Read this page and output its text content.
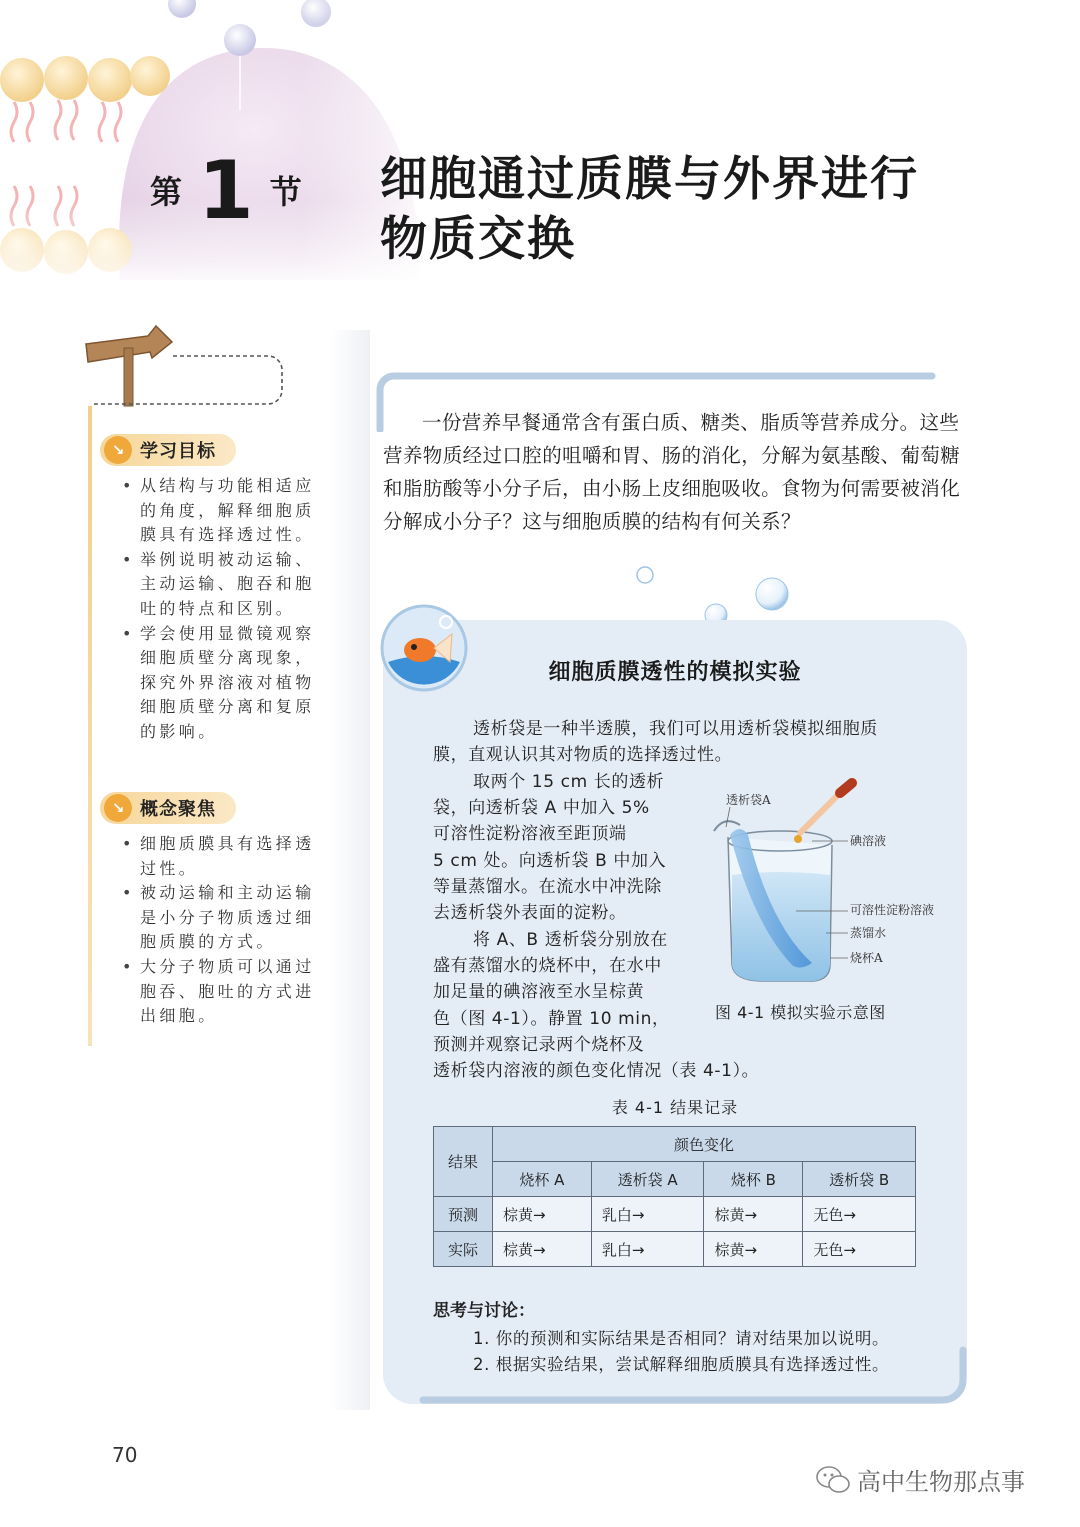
第 1 节 细胞通过质膜与外界进行
物质交换
↘ 学习目标
• 从结构与功能相适应的角度，解释细胞质膜具有选择透过性。
• 举例说明被动运输、主动运输、胞吞和胞吐的特点和区别。
• 学会使用显微镜观察细胞质壁分离现象，探究外界溶液对植物细胞质壁分离和复原的影响。
↘ 概念聚焦
• 细胞质膜具有选择透过性。
• 被动运输和主动运输是小分子物质透过细胞质膜的方式。
• 大分子物质可以通过胞吞、胞吐的方式进出细胞。
一份营养早餐通常含有蛋白质、糖类、脂质等营养成分。这些营养物质经过口腔的咀嚼和胃、肠的消化，分解为氨基酸、葡萄糖和脂肪酸等小分子后，由小肠上皮细胞吸收。食物为何需要被消化分解成小分子？这与细胞质膜的结构有何关系？
细胞质膜透性的模拟实验
透析袋是一种半透膜，我们可以用透析袋模拟细胞质
膜，直观认识其对物质的选择透过性。
取两个 15 cm 长的透析
袋，向透析袋 A 中加入 5%
可溶性淀粉溶液至距顶端
5 cm 处。向透析袋 B 中加入
等量蒸馏水。在流水中冲洗除
去透析袋外表面的淀粉。
将 A、B 透析袋分别放在
盛有蒸馏水的烧杯中，在水中
加足量的碘溶液至水呈棕黄
色（图 4-1）。静置 10 min，
预测并观察记录两个烧杯及
透析袋内溶液的颜色变化情况（表 4-1）。
透析袋A
碘溶液
可溶性淀粉溶液
蒸馏水
烧杯A
图 4-1 模拟实验示意图
表 4-1 结果记录
结果	颜色变化			
	烧杯 A	透析袋 A	烧杯 B	透析袋 B
预测	棕黄→	乳白→	棕黄→	无色→
实际	棕黄→	乳白→	棕黄→	无色→
思考与讨论：
1. 你的预测和实际结果是否相同？请对结果加以说明。
2. 根据实验结果，尝试解释细胞质膜具有选择透过性。
70
高中生物那点事
